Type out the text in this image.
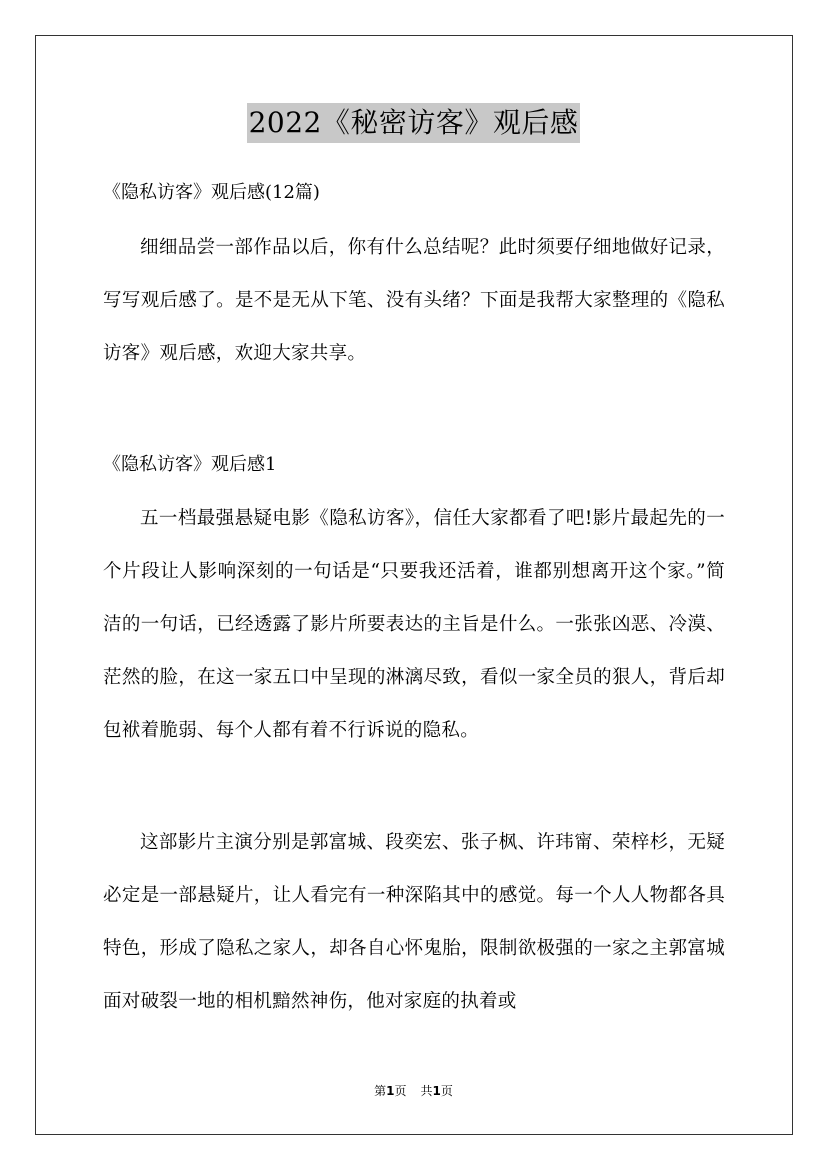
2022《秘密访客》观后感
《隐私访客》观后感(12篇)

细细品尝一部作品以后，你有什么总结呢？此时须要仔细地做好记录，写写观后感了。是不是无从下笔、没有头绪？下面是我帮大家整理的《隐私访客》观后感，欢迎大家共享。

《隐私访客》观后感1

五一档最强悬疑电影《隐私访客》，信任大家都看了吧!影片最起先的一个片段让人影响深刻的一句话是“只要我还活着，谁都别想离开这个家。”简洁的一句话，已经透露了影片所要表达的主旨是什么。一张张凶恶、冷漠、茫然的脸，在这一家五口中呈现的淋漓尽致，看似一家全员的狠人，背后却包袱着脆弱、每个人都有着不行诉说的隐私。

这部影片主演分别是郭富城、段奕宏、张子枫、许玮甯、荣梓杉，无疑必定是一部悬疑片，让人看完有一种深陷其中的感觉。每一个人人物都各具特色，形成了隐私之家人，却各自心怀鬼胎，限制欲极强的一家之主郭富城面对破裂一地的相机黯然神伤，他对家庭的执着或

第1页 共1页
